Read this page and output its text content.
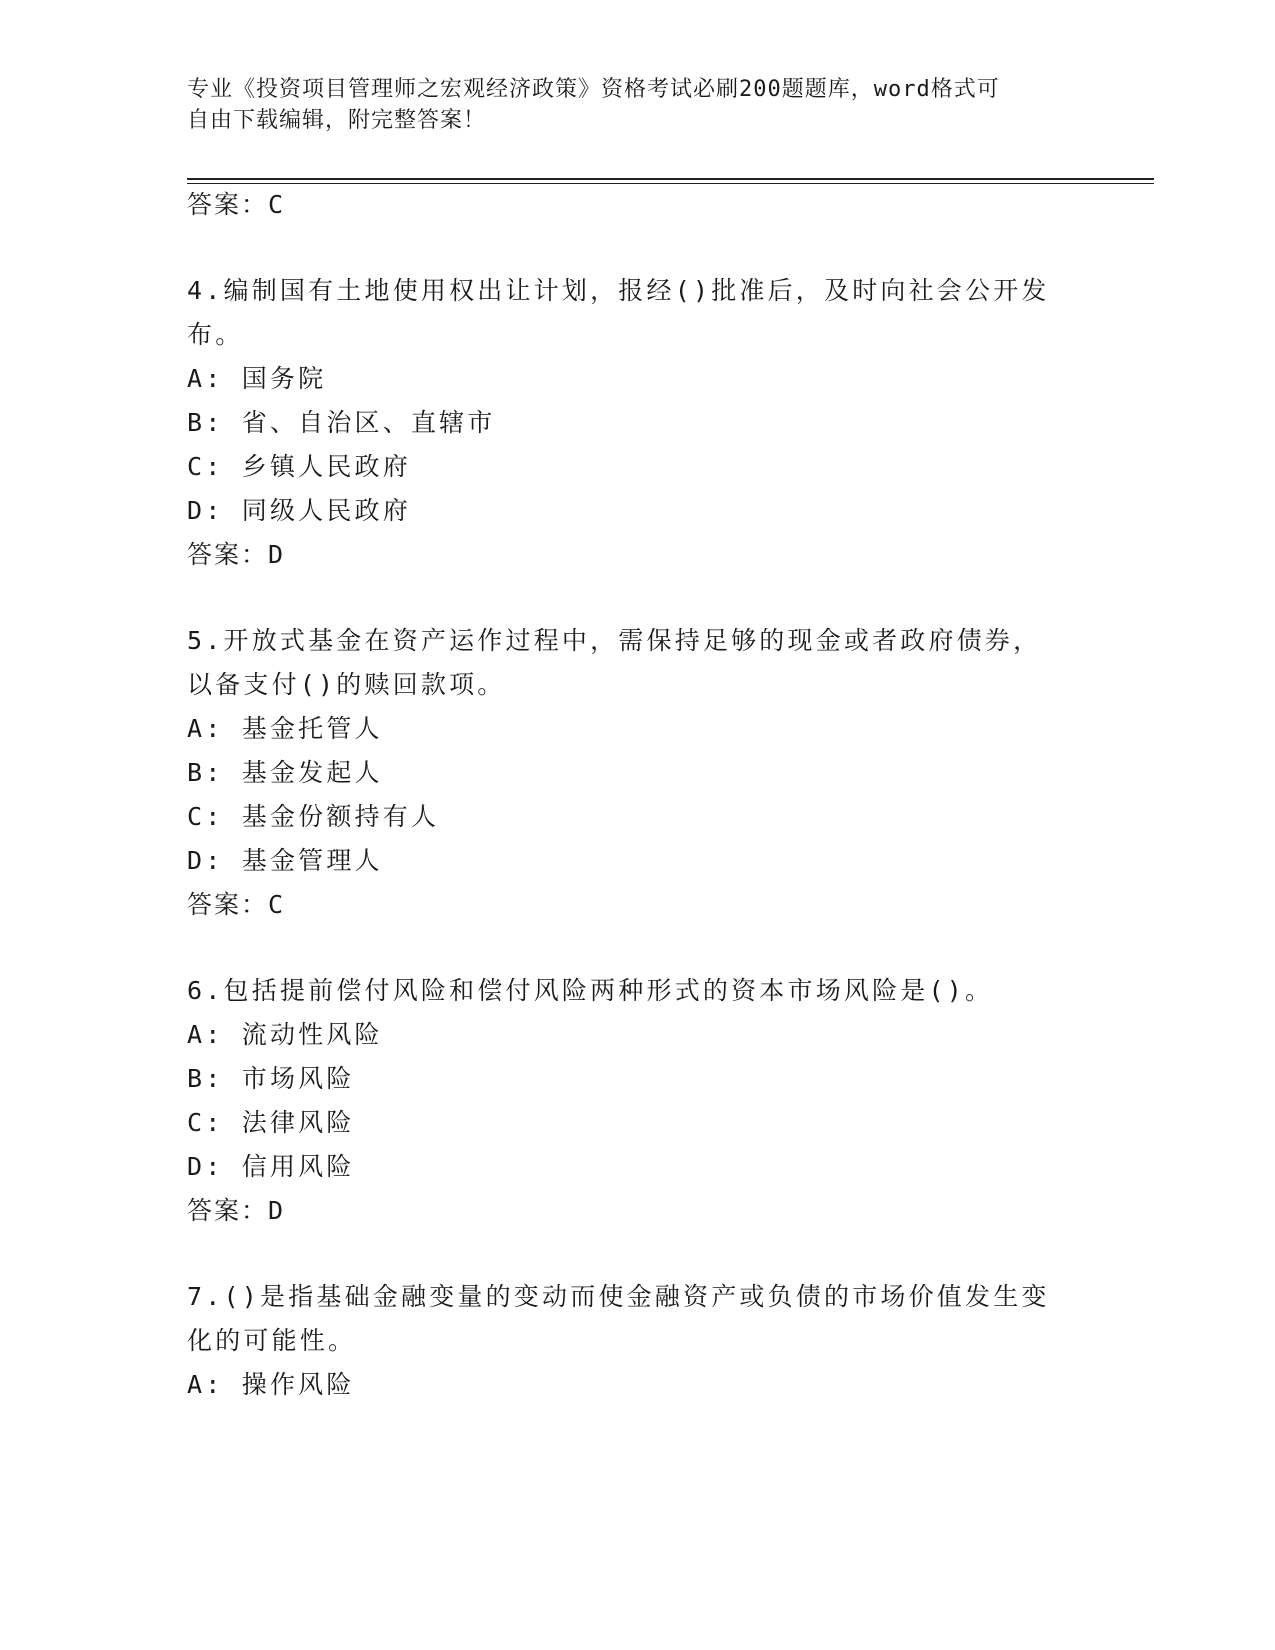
专业《投资项目管理师之宏观经济政策》资格考试必刷200题题库，word格式可
自由下载编辑，附完整答案！
答案：C
4.编制国有土地使用权出让计划，报经()批准后，及时向社会公开发
布。
A: 国务院
B: 省、自治区、直辖市
C: 乡镇人民政府
D: 同级人民政府
答案：D
5.开放式基金在资产运作过程中，需保持足够的现金或者政府债券，
以备支付()的赎回款项。
A: 基金托管人
B: 基金发起人
C: 基金份额持有人
D: 基金管理人
答案：C
6.包括提前偿付风险和偿付风险两种形式的资本市场风险是()。
A: 流动性风险
B: 市场风险
C: 法律风险
D: 信用风险
答案：D
7.()是指基础金融变量的变动而使金融资产或负债的市场价值发生变
化的可能性。
A: 操作风险
